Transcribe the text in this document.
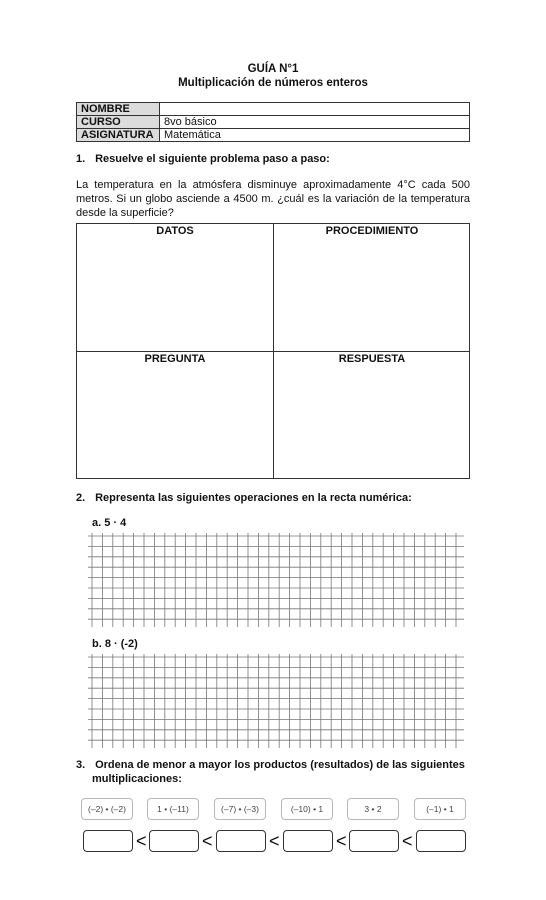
GUÍA N°1
Multiplicación de números enteros
NOMBRE	
CURSO	8vo básico
ASIGNATURA	Matemática
1. Resuelve el siguiente problema paso a paso:
La temperatura en la atmósfera disminuye aproximadamente 4°C cada 500 metros. Si un globo asciende a 4500 m. ¿cuál es la variación de la temperatura desde la superficie?
DATOS	PROCEDIMIENTO
PREGUNTA	RESPUESTA
2. Representa las siguientes operaciones en la recta numérica:
a. 5 · 4
b. 8 · (-2)
3. Ordena de menor a mayor los productos (resultados) de las siguientes
multiplicaciones:
(–2) • (–2)	1 • (–11)	(–7) • (–3)	(–10) • 1	3 • 2	(–1) • 1
<	<	<	<	<
